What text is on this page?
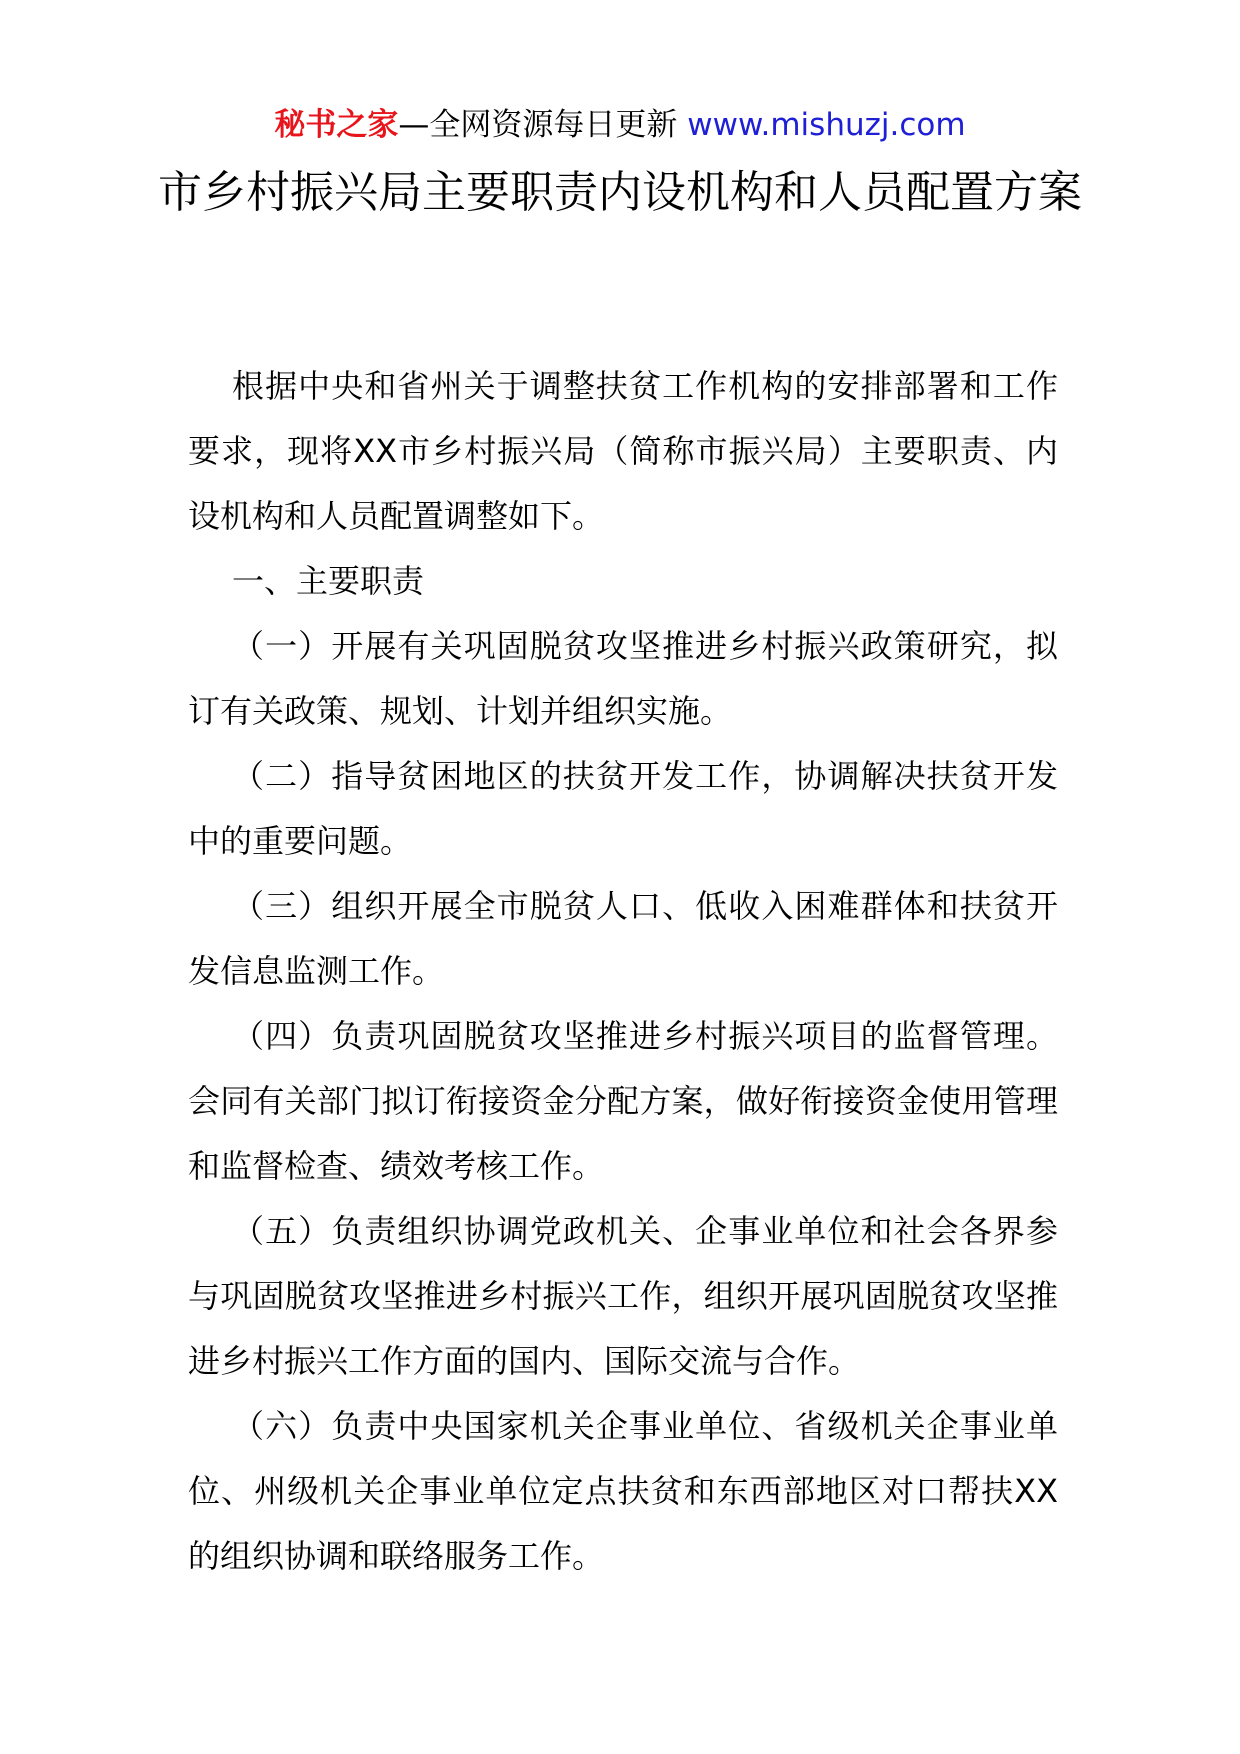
秘书之家—全网资源每日更新 www.mishuzj.com
市乡村振兴局主要职责内设机构和人员配置方案

根据中央和省州关于调整扶贫工作机构的安排部署和工作要求，现将XX市乡村振兴局（简称市振兴局）主要职责、内设机构和人员配置调整如下。

一、主要职责

（一）开展有关巩固脱贫攻坚推进乡村振兴政策研究，拟订有关政策、规划、计划并组织实施。

（二）指导贫困地区的扶贫开发工作，协调解决扶贫开发中的重要问题。

（三）组织开展全市脱贫人口、低收入困难群体和扶贫开发信息监测工作。

（四）负责巩固脱贫攻坚推进乡村振兴项目的监督管理。会同有关部门拟订衔接资金分配方案，做好衔接资金使用管理和监督检查、绩效考核工作。

（五）负责组织协调党政机关、企事业单位和社会各界参与巩固脱贫攻坚推进乡村振兴工作，组织开展巩固脱贫攻坚推进乡村振兴工作方面的国内、国际交流与合作。

（六）负责中央国家机关企事业单位、省级机关企事业单位、州级机关企事业单位定点扶贫和东西部地区对口帮扶XX的组织协调和联络服务工作。
